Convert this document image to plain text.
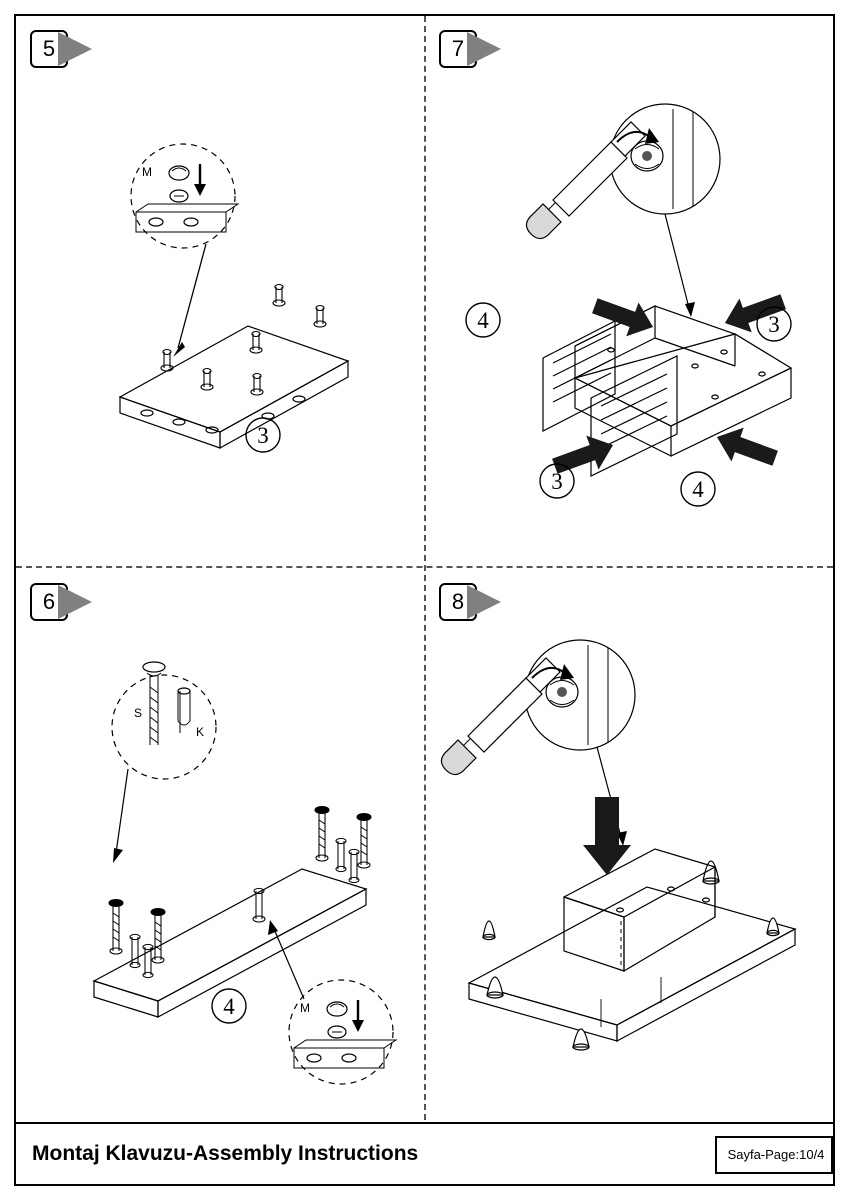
5
3
M
7
4	3
3	4
6
4
S
K
M
8
Montaj Klavuzu-Assembly Instructions	Sayfa-Page:10/4
